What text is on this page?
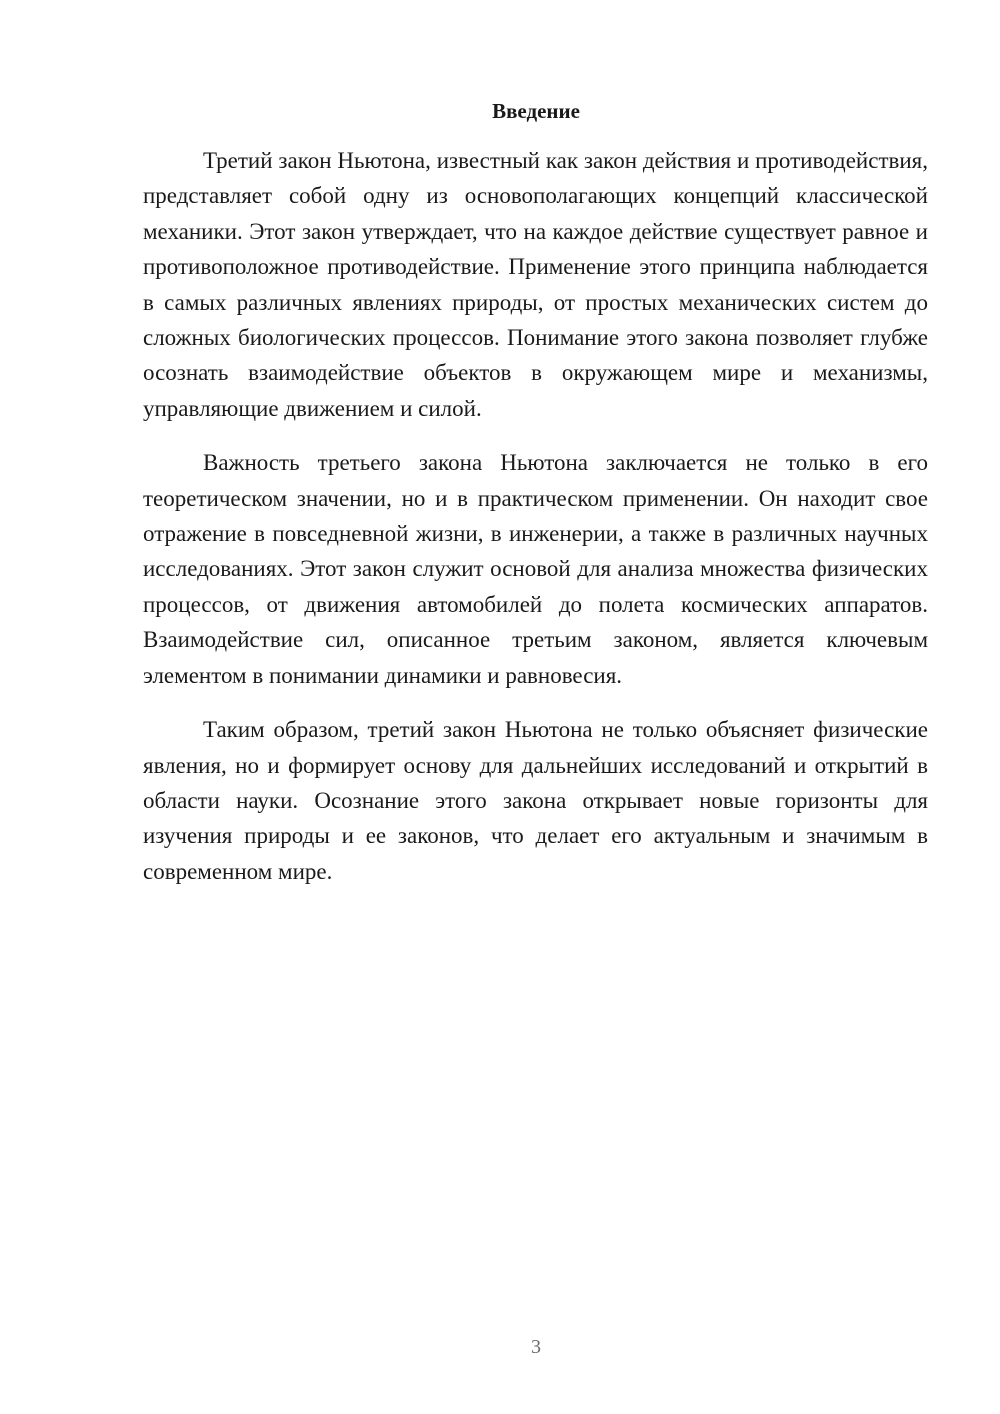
Введение

Третий закон Ньютона, известный как закон действия и противодействия, представляет собой одну из основополагающих концепций классической механики. Этот закон утверждает, что на каждое действие существует равное и противоположное противодействие. Применение этого принципа наблюдается в самых различных явлениях природы, от простых механических систем до сложных биологических процессов. Понимание этого закона позволяет глубже осознать взаимодействие объектов в окружающем мире и механизмы, управляющие движением и силой.

Важность третьего закона Ньютона заключается не только в его теоретическом значении, но и в практическом применении. Он находит свое отражение в повседневной жизни, в инженерии, а также в различных научных исследованиях. Этот закон служит основой для анализа множества физических процессов, от движения автомобилей до полета космических аппаратов. Взаимодействие сил, описанное третьим законом, является ключевым элементом в понимании динамики и равновесия.

Таким образом, третий закон Ньютона не только объясняет физические явления, но и формирует основу для дальнейших исследований и открытий в области науки. Осознание этого закона открывает новые горизонты для изучения природы и ее законов, что делает его актуальным и значимым в современном мире.

3
